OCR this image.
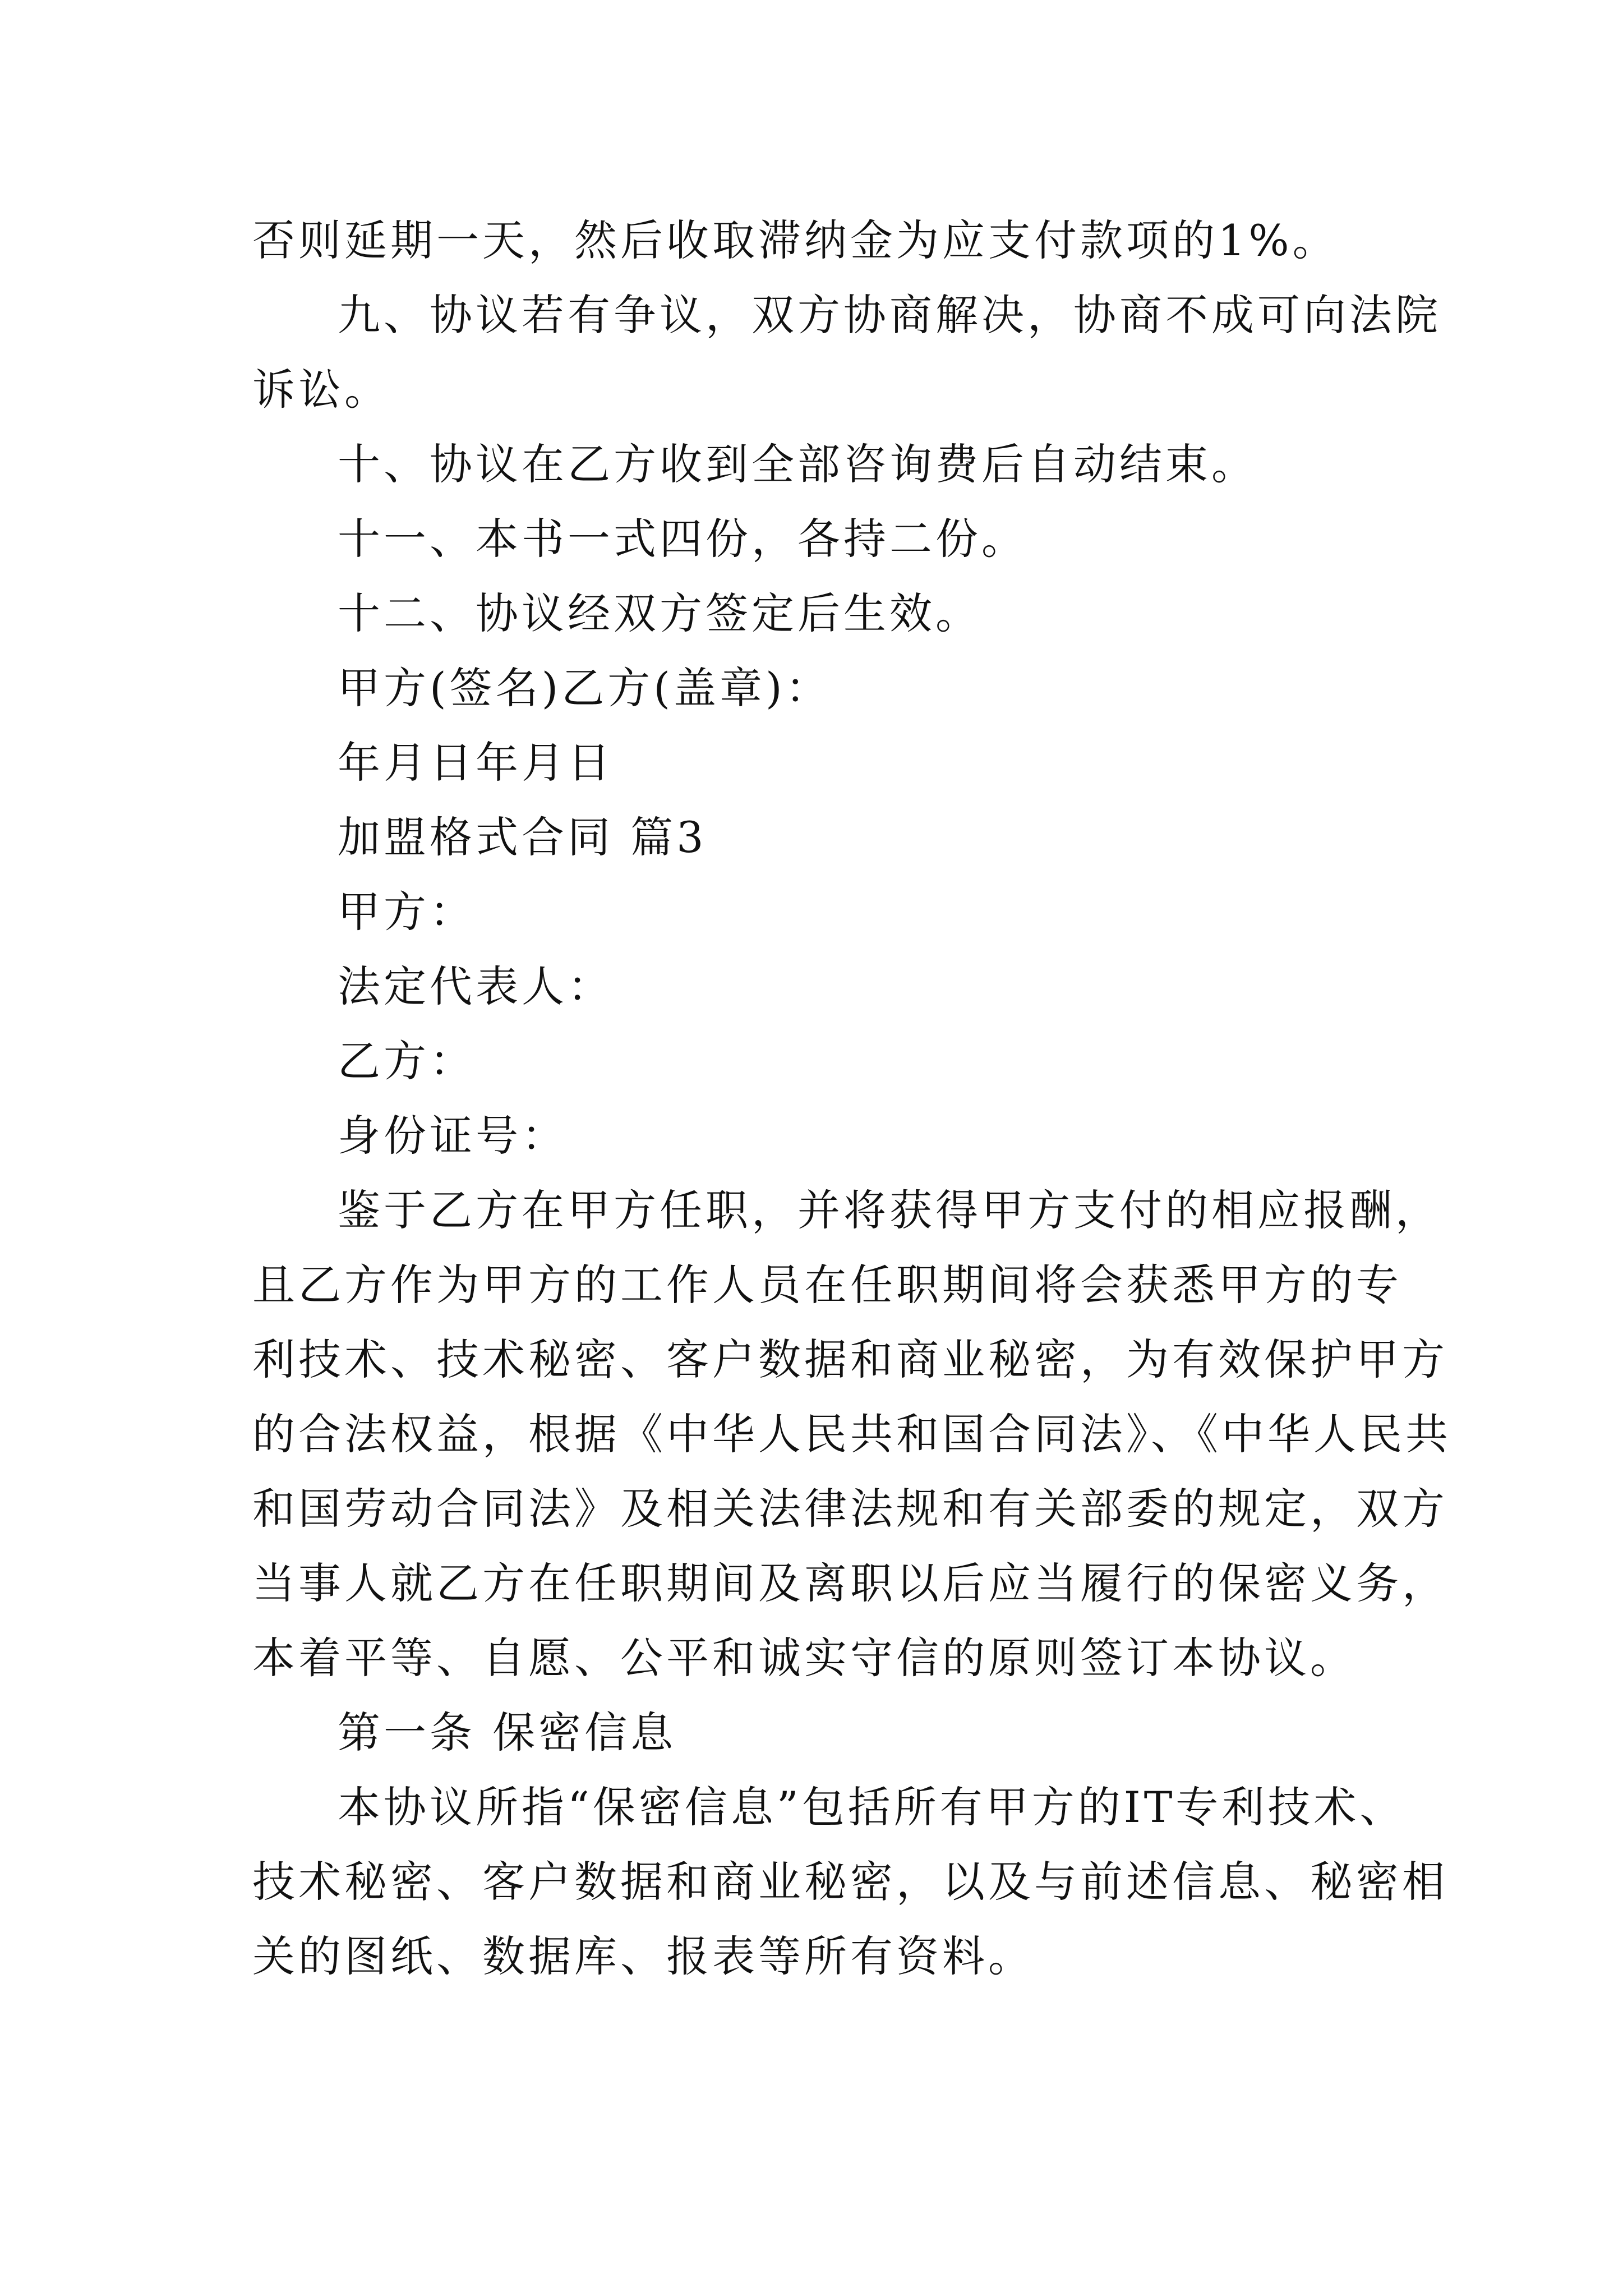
否则延期一天，然后收取滞纳金为应支付款项的1%。
九、协议若有争议，双方协商解决，协商不成可向法院
诉讼。
十、协议在乙方收到全部咨询费后自动结束。
十一、本书一式四份，各持二份。
十二、协议经双方签定后生效。
甲方(签名)乙方(盖章)：
年月日年月日
加盟格式合同 篇3
甲方：
法定代表人：
乙方：
身份证号：
鉴于乙方在甲方任职，并将获得甲方支付的相应报酬，
且乙方作为甲方的工作人员在任职期间将会获悉甲方的专
利技术、技术秘密、客户数据和商业秘密，为有效保护甲方
的合法权益，根据《中华人民共和国合同法》、《中华人民共
和国劳动合同法》及相关法律法规和有关部委的规定，双方
当事人就乙方在任职期间及离职以后应当履行的保密义务，
本着平等、自愿、公平和诚实守信的原则签订本协议。
第一条 保密信息
本协议所指“保密信息”包括所有甲方的IT专利技术、
技术秘密、客户数据和商业秘密，以及与前述信息、秘密相
关的图纸、数据库、报表等所有资料。
